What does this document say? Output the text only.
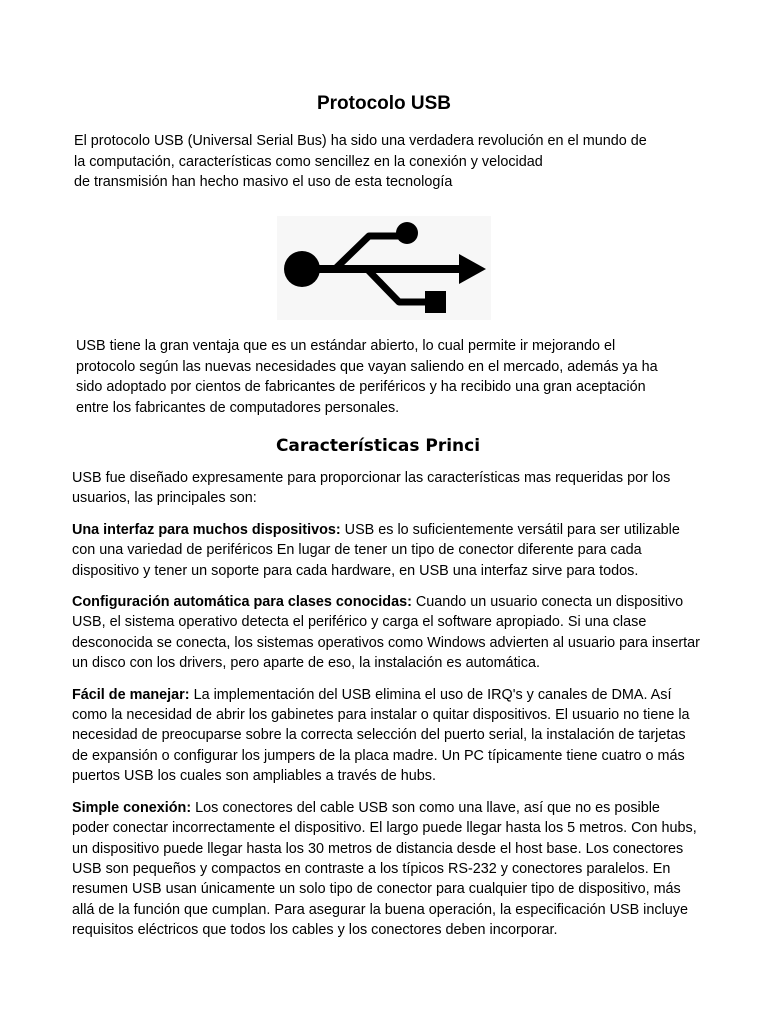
Protocolo USB
El protocolo USB (Universal Serial Bus) ha sido una verdadera revolución en el mundo de
la computación, características como sencillez en la conexión y velocidad
de transmisión han hecho masivo el uso de esta tecnología
USB tiene la gran ventaja que es un estándar abierto, lo cual permite ir mejorando el
protocolo según las nuevas necesidades que vayan saliendo en el mercado, además ya ha
sido adoptado por cientos de fabricantes de periféricos y ha recibido una gran aceptación
entre los fabricantes de computadores personales.
Características Princi

USB fue diseñado expresamente para proporcionar las características mas requeridas por los usuarios, las principales son:

Una interfaz para muchos dispositivos: USB es lo suficientemente versátil para ser utilizable con una variedad de periféricos En lugar de tener un tipo de conector diferente para cada dispositivo y tener un soporte para cada hardware, en USB una interfaz sirve para todos.

Configuración automática para clases conocidas: Cuando un usuario conecta un dispositivo USB, el sistema operativo detecta el periférico y carga el software apropiado. Si una clase desconocida se conecta, los sistemas operativos como Windows advierten al usuario para insertar un disco con los drivers, pero aparte de eso, la instalación es automática.

Fácil de manejar: La implementación del USB elimina el uso de IRQ's y canales de DMA. Así como la necesidad de abrir los gabinetes para instalar o quitar dispositivos. El usuario no tiene la necesidad de preocuparse sobre la correcta selección del puerto serial, la instalación de tarjetas de expansión o configurar los jumpers de la placa madre. Un PC típicamente tiene cuatro o más puertos USB los cuales son ampliables a través de hubs.

Simple conexión: Los conectores del cable USB son como una llave, así que no es posible poder conectar incorrectamente el dispositivo. El largo puede llegar hasta los 5 metros. Con hubs, un dispositivo puede llegar hasta los 30 metros de distancia desde el host base. Los conectores USB son pequeños y compactos en contraste a los típicos RS-232 y conectores paralelos. En resumen USB usan únicamente un solo tipo de conector para cualquier tipo de dispositivo, más allá de la función que cumplan. Para asegurar la buena operación, la especificación USB incluye requisitos eléctricos que todos los cables y los conectores deben incorporar.
